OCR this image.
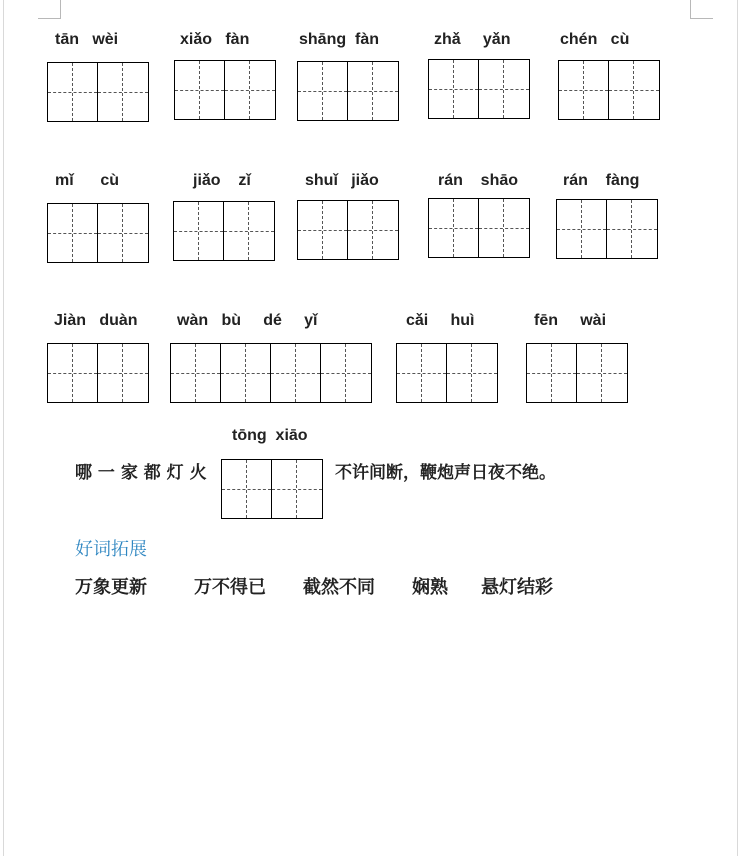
tān   wèi	xiǎo   fàn	shāng  fàn	zhǎ     yǎn	chén   cù
mǐ      cù	jiǎo    zǐ	shuǐ   jiǎo	rán    shāo	rán    fàng
Jiàn   duàn wàn   bù     dé     yǐ	cǎi     huì	fēn     wài
tōng  xiāo
哪 一 家 都 灯 火	不许间断，鞭炮声日夜不绝。
好词拓展
万象更新	万不得已 截然不同 娴熟 悬灯结彩
